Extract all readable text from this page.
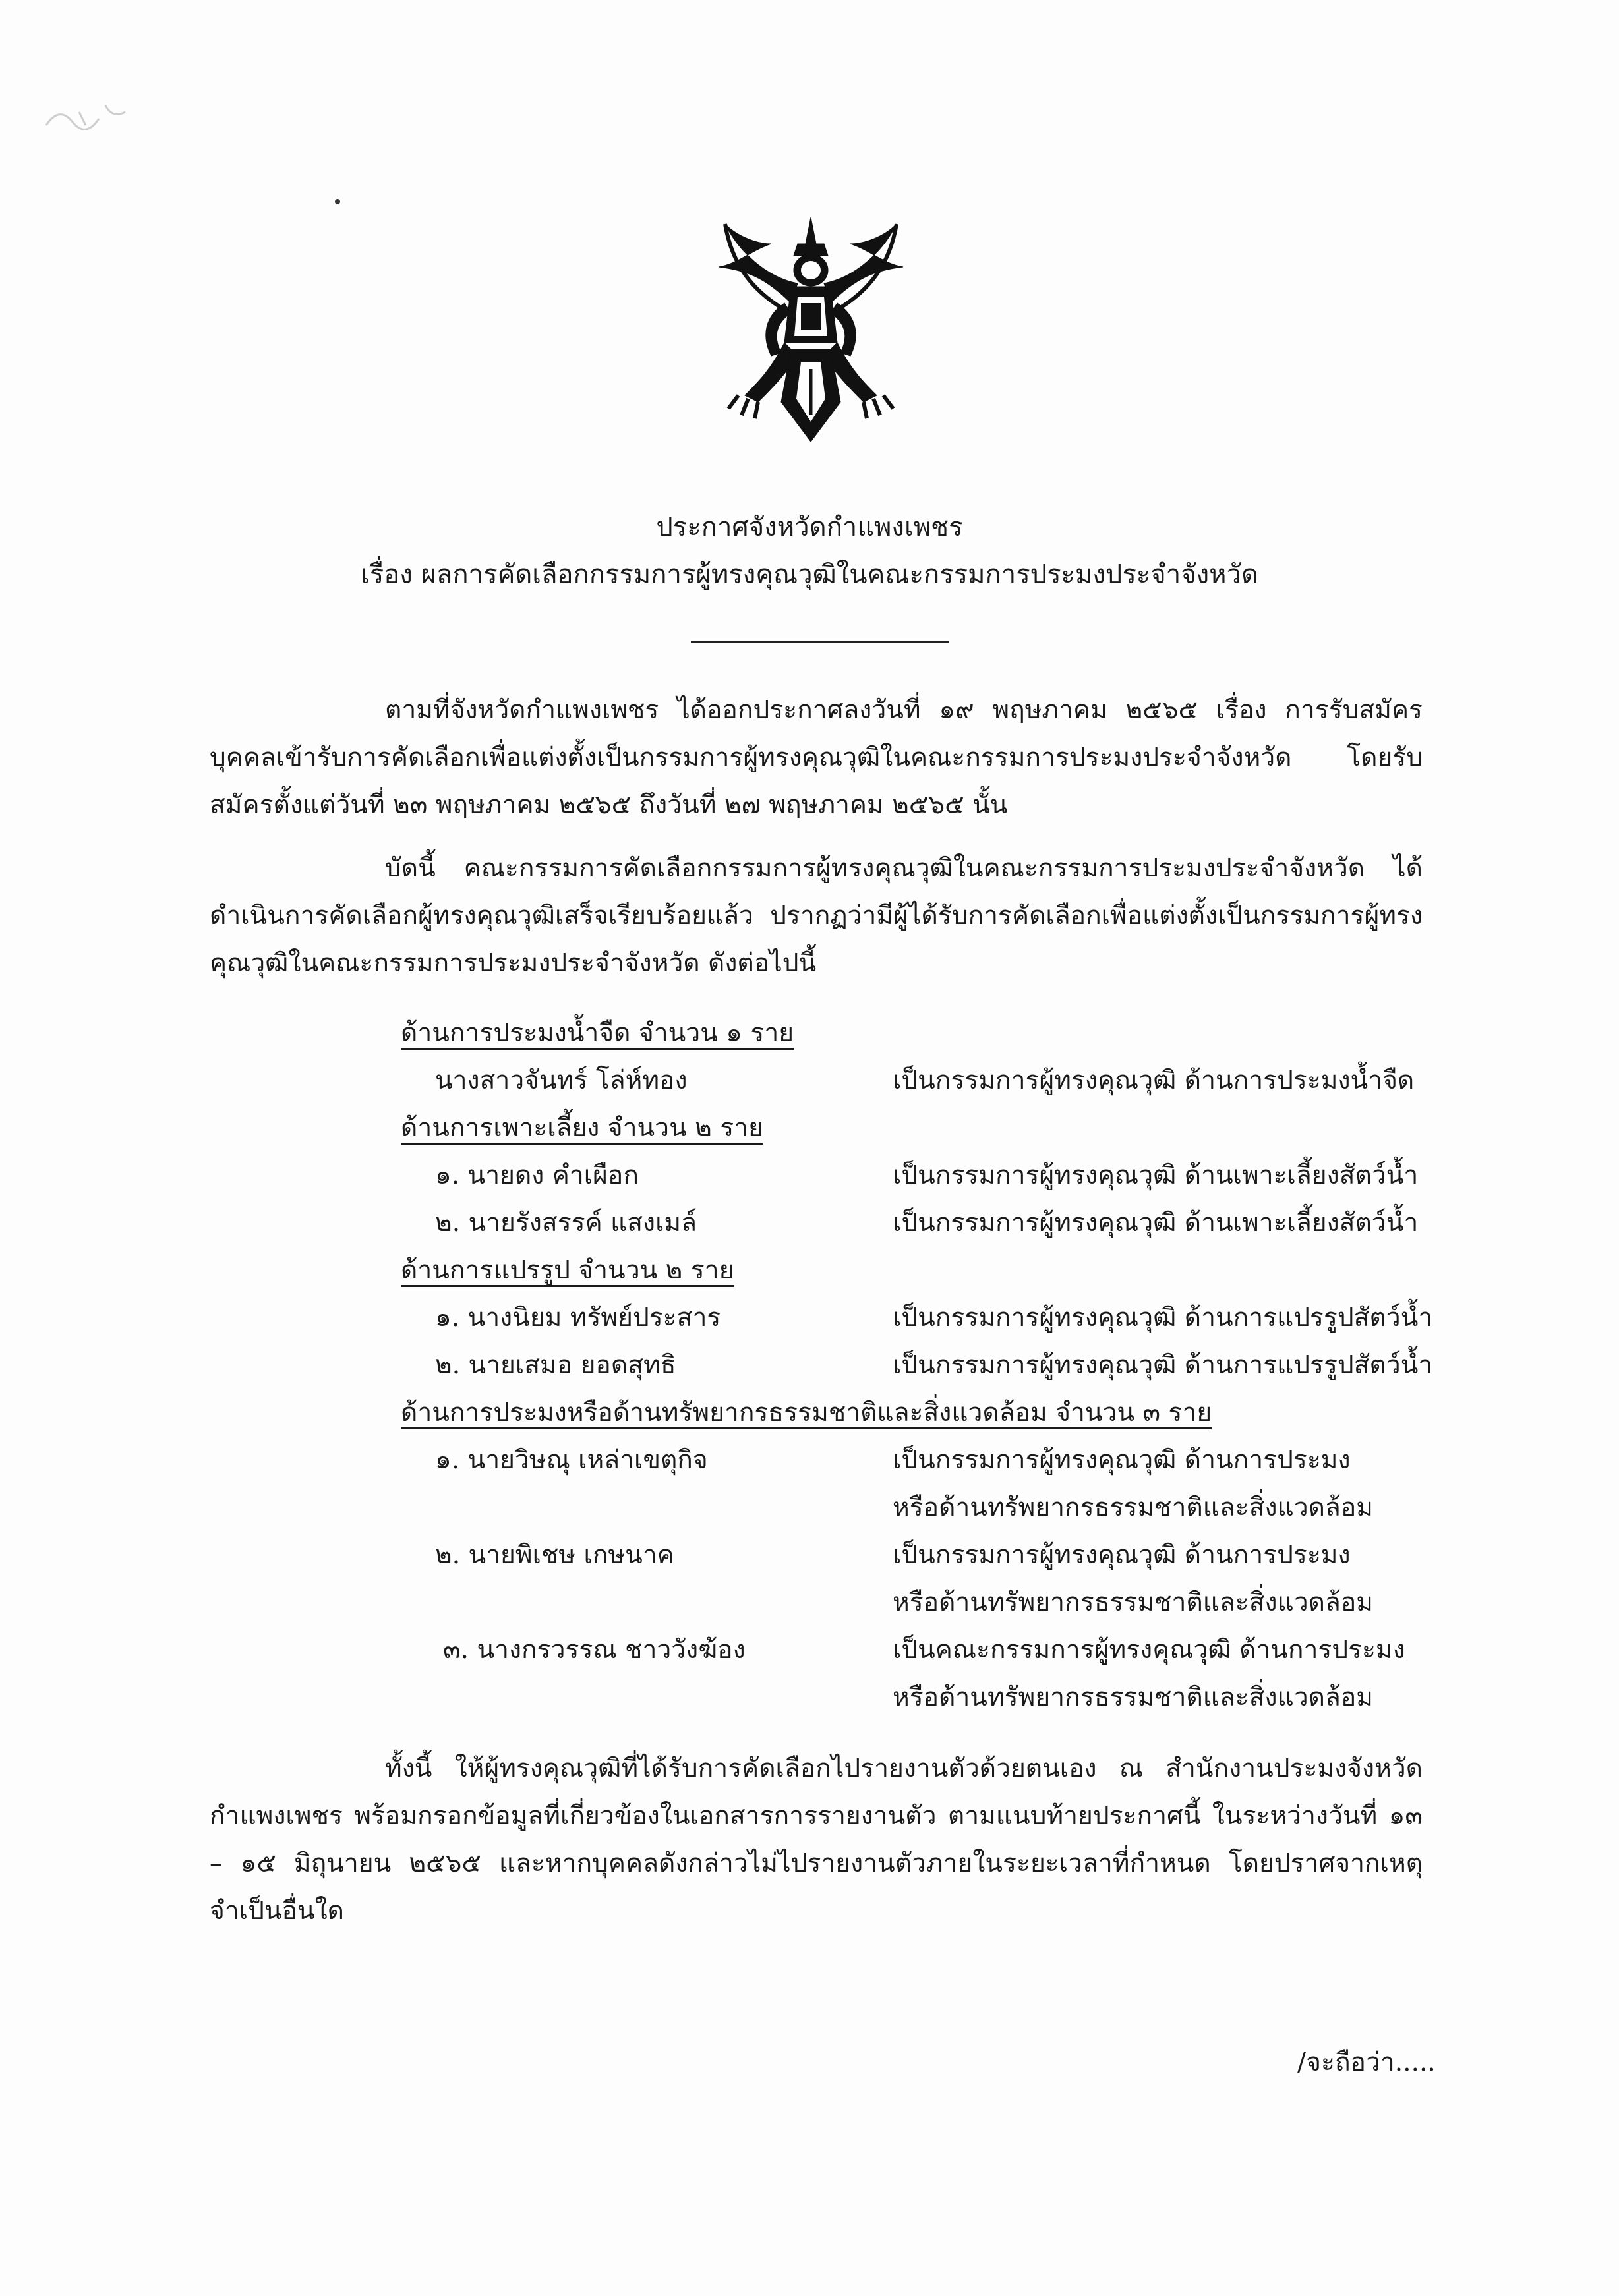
ประกาศจังหวัดกำแพงเพชร
เรื่อง ผลการคัดเลือกกรรมการผู้ทรงคุณวุฒิในคณะกรรมการประมงประจำจังหวัด
ตามที่จังหวัดกำแพงเพชร ได้ออกประกาศลงวันที่ ๑๙ พฤษภาคม ๒๕๖๕ เรื่อง การรับสมัครบุคคลเข้ารับการคัดเลือกเพื่อแต่งตั้งเป็นกรรมการผู้ทรงคุณวุฒิในคณะกรรมการประมงประจำจังหวัด โดยรับสมัครตั้งแต่วันที่ ๒๓ พฤษภาคม ๒๕๖๕ ถึงวันที่ ๒๗ พฤษภาคม ๒๕๖๕ นั้น
บัดนี้ คณะกรรมการคัดเลือกกรรมการผู้ทรงคุณวุฒิในคณะกรรมการประมงประจำจังหวัด ได้ดำเนินการคัดเลือกผู้ทรงคุณวุฒิเสร็จเรียบร้อยแล้ว ปรากฏว่ามีผู้ได้รับการคัดเลือกเพื่อแต่งตั้งเป็นกรรมการผู้ทรงคุณวุฒิในคณะกรรมการประมงประจำจังหวัด ดังต่อไปนี้
ด้านการประมงน้ำจืด จำนวน ๑ ราย
นางสาวจันทร์ โล่ห์ทอง	เป็นกรรมการผู้ทรงคุณวุฒิ ด้านการประมงน้ำจืด
ด้านการเพาะเลี้ยง จำนวน ๒ ราย
๑. นายดง คำเผือก	เป็นกรรมการผู้ทรงคุณวุฒิ ด้านเพาะเลี้ยงสัตว์น้ำ
๒. นายรังสรรค์ แสงเมล์	เป็นกรรมการผู้ทรงคุณวุฒิ ด้านเพาะเลี้ยงสัตว์น้ำ
ด้านการแปรรูป จำนวน ๒ ราย
๑. นางนิยม ทรัพย์ประสาร	เป็นกรรมการผู้ทรงคุณวุฒิ ด้านการแปรรูปสัตว์น้ำ
๒. นายเสมอ ยอดสุทธิ	เป็นกรรมการผู้ทรงคุณวุฒิ ด้านการแปรรูปสัตว์น้ำ
ด้านการประมงหรือด้านทรัพยากรธรรมชาติและสิ่งแวดล้อม จำนวน ๓ ราย
๑. นายวิษณุ เหล่าเขตุกิจ	เป็นกรรมการผู้ทรงคุณวุฒิ ด้านการประมง
หรือด้านทรัพยากรธรรมชาติและสิ่งแวดล้อม
๒. นายพิเชษ เกษนาค	เป็นกรรมการผู้ทรงคุณวุฒิ ด้านการประมง
หรือด้านทรัพยากรธรรมชาติและสิ่งแวดล้อม
๓. นางกรวรรณ ชาววังฆ้อง	เป็นคณะกรรมการผู้ทรงคุณวุฒิ ด้านการประมง
หรือด้านทรัพยากรธรรมชาติและสิ่งแวดล้อม
ทั้งนี้ ให้ผู้ทรงคุณวุฒิที่ได้รับการคัดเลือกไปรายงานตัวด้วยตนเอง ณ สำนักงานประมงจังหวัดกำแพงเพชร พร้อมกรอกข้อมูลที่เกี่ยวข้องในเอกสารการรายงานตัว ตามแนบท้ายประกาศนี้ ในระหว่างวันที่ ๑๓ – ๑๕ มิถุนายน ๒๕๖๕ และหากบุคคลดังกล่าวไม่ไปรายงานตัวภายในระยะเวลาที่กำหนด โดยปราศจากเหตุจำเป็นอื่นใด
/จะถือว่า.....
